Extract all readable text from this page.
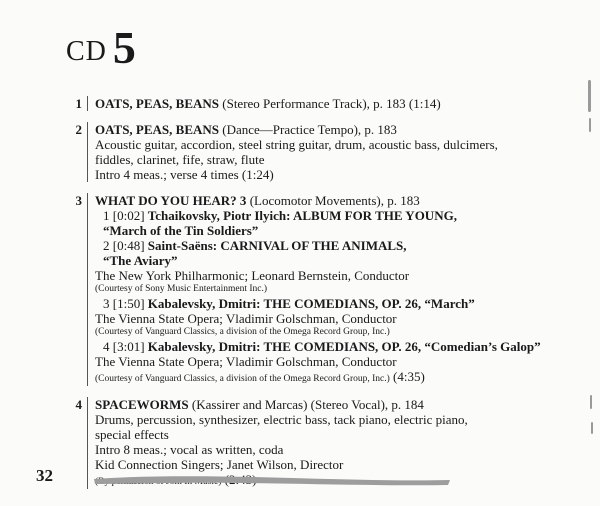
CD 5
1	OATS, PEAS, BEANS (Stereo Performance Track), p. 183 (1:14)
2	OATS, PEAS, BEANS (Dance—Practice Tempo), p. 183
Acoustic guitar, accordion, steel string guitar, drum, acoustic bass, dulcimers,
fiddles, clarinet, fife, straw, flute
Intro 4 meas.; verse 4 times (1:24)
3	WHAT DO YOU HEAR? 3 (Locomotor Movements), p. 183
1 [0:02] Tchaikovsky, Piotr Ilyich: ALBUM FOR THE YOUNG,
“March of the Tin Soldiers”
2 [0:48] Saint-Saëns: CARNIVAL OF THE ANIMALS,
“The Aviary”
The New York Philharmonic; Leonard Bernstein, Conductor
(Courtesy of Sony Music Entertainment Inc.)
3 [1:50] Kabalevsky, Dmitri: THE COMEDIANS, OP. 26, “March”
The Vienna State Opera; Vladimir Golschman, Conductor
(Courtesy of Vanguard Classics, a division of the Omega Record Group, Inc.)
4 [3:01] Kabalevsky, Dmitri: THE COMEDIANS, OP. 26, “Comedian’s Galop”
The Vienna State Opera; Vladimir Golschman, Conductor
(Courtesy of Vanguard Classics, a division of the Omega Record Group, Inc.) (4:35)
4	SPACEWORMS (Kassirer and Marcas) (Stereo Vocal), p. 184
Drums, percussion, synthesizer, electric bass, tack piano, electric piano,
special effects
Intro 8 meas.; vocal as written, coda
Kid Connection Singers; Janet Wilson, Director
32
